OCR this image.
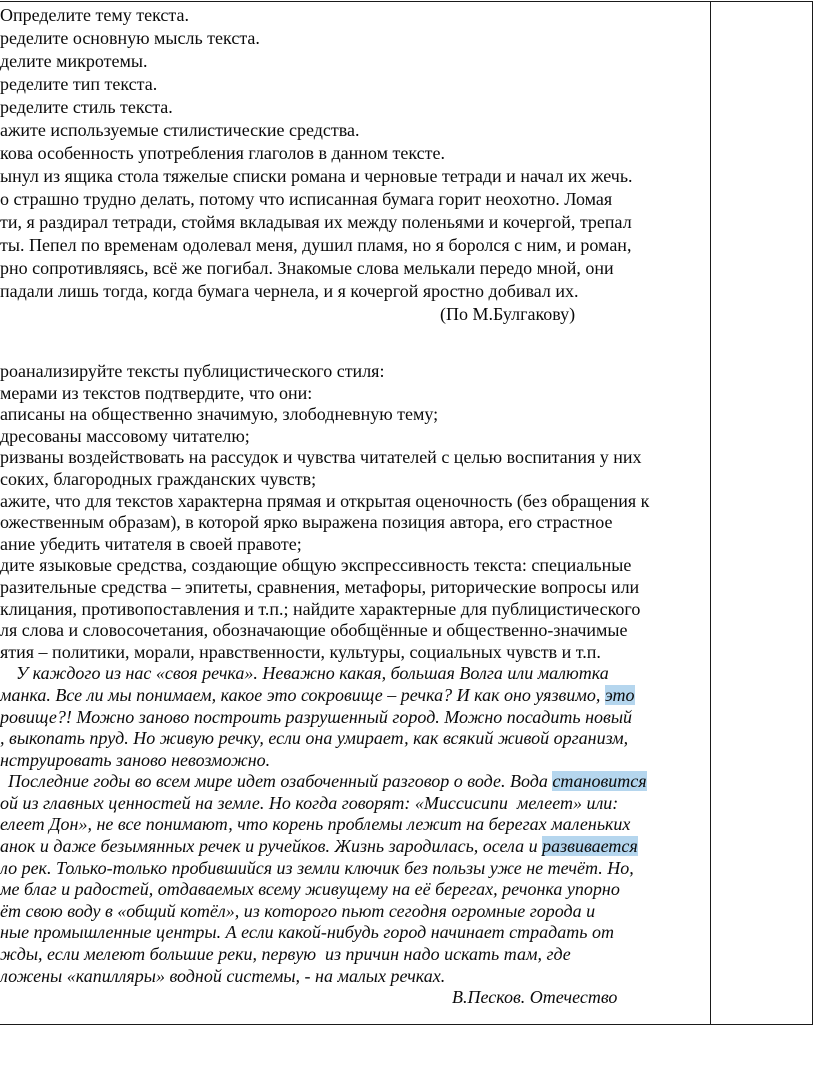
Определите тему текста.
ределите основную мысль текста.
делите микротемы.
ределите тип текста.
ределите стиль текста.
ажите используемые стилистические средства.
кова особенность употребления глаголов в данном тексте.
ынул из ящика стола тяжелые списки романа и черновые тетради и начал их жечь.
о страшно трудно делать, потому что исписанная бумага горит неохотно. Ломая
ти, я раздирал тетради, стоймя вкладывая их между поленьями и кочергой, трепал
ты. Пепел по временам одолевал меня, душил пламя, но я боролся с ним, и роман,
рно сопротивляясь, всё же погибал. Знакомые слова мелькали передо мной, они
падали лишь тогда, когда бумага чернела, и я кочергой яростно добивал их.
(По М.Булгакову)
роанализируйте тексты публицистического стиля:
мерами из текстов подтвердите, что они:
аписаны на общественно значимую, злободневную тему;
дресованы массовому читателю;
ризваны воздействовать на рассудок и чувства читателей с целью воспитания у них
соких, благородных гражданских чувств;
ажите, что для текстов характерна прямая и открытая оценочность (без обращения к
ожественным образам), в которой ярко выражена позиция автора, его страстное
ание убедить читателя в своей правоте;
дите языковые средства, создающие общую экспрессивность текста: специальные
разительные средства – эпитеты, сравнения, метафоры, риторические вопросы или
клицания, противопоставления и т.п.; найдите характерные для публицистического
ля слова и словосочетания, обозначающие обобщённые и общественно-значимые
ятия – политики, морали, нравственности, культуры, социальных чувств и т.п.
У каждого из нас «своя речка». Неважно какая, большая Волга или малютка
манка. Все ли мы понимаем, какое это сокровище – речка? И как оно уязвимо, это
ровище?! Можно заново построить разрушенный город. Можно посадить новый
, выкопать пруд. Но живую речку, если она умирает, как всякий живой организм,
нструировать заново невозможно.
Последние годы во всем мире идет озабоченный разговор о воде. Вода становится
ой из главных ценностей на земле. Но когда говорят: «Миссисипи  мелеет» или:
елеет Дон», не все понимают, что корень проблемы лежит на берегах маленьких
анок и даже безымянных речек и ручейков. Жизнь зародилась, осела и развивается
ло рек. Только-только пробившийся из земли ключик без пользы уже не течёт. Но,
ме благ и радостей, отдаваемых всему живущему на её берегах, речонка упорно
ёт свою воду в «общий котёл», из которого пьют сегодня огромные города и
ные промышленные центры. А если какой-нибудь город начинает страдать от
жды, если мелеют большие реки, первую  из причин надо искать там, где
ложены «капилляры» водной системы, - на малых речках.
В.Песков. Отечество
